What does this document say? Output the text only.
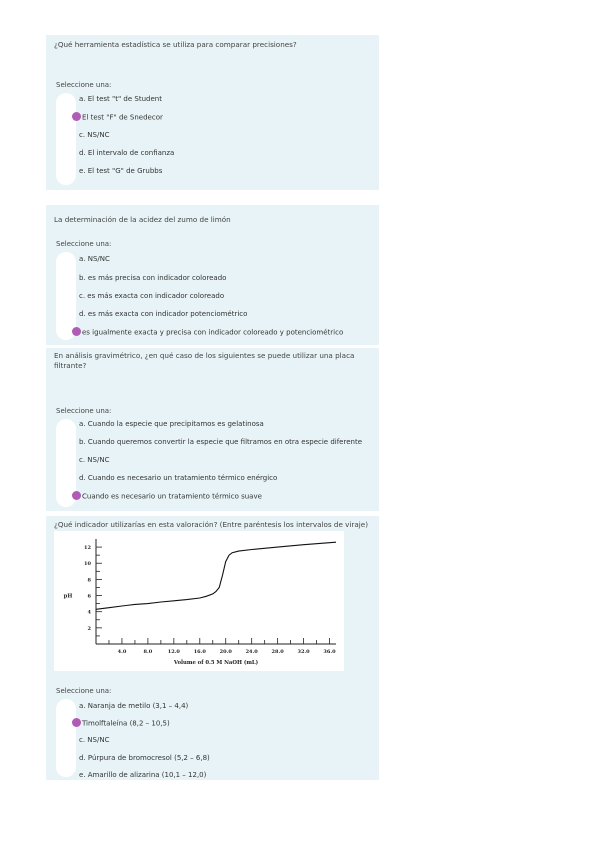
¿Qué herramienta estadística se utiliza para comparar precisiones?
Seleccione una:
a. El test "t" de Student
El test "F" de Snedecor
c. NS/NC
d. El intervalo de confianza
e. El test "G" de Grubbs
La determinación de la acidez del zumo de limón
Seleccione una:
a. NS/NC
b. es más precisa con indicador coloreado
c. es más exacta con indicador coloreado
d. es más exacta con indicador potenciométrico
es igualmente exacta y precisa con indicador coloreado y potenciométrico
En análisis gravimétrico, ¿en qué caso de los siguientes se puede utilizar una placa filtrante?
Seleccione una:
a. Cuando la especie que precipitamos es gelatinosa
b. Cuando queremos convertir la especie que filtramos en otra especie diferente
c. NS/NC
d. Cuando es necesario un tratamiento térmico enérgico
Cuando es necesario un tratamiento térmico suave
¿Qué indicador utilizarías en esta valoración? (Entre paréntesis los intervalos de viraje)
4.0	8.0	12.0	16.0	20.0	24.0	28.0	32.0	36.0
2
4
6
8
10
12
Volume of 0.5 M NaOH (mL)
pH
Seleccione una:
a. Naranja de metilo (3,1 – 4,4)
Timolftaleína (8,2 – 10,5)
c. NS/NC
d. Púrpura de bromocresol (5,2 – 6,8)
e. Amarillo de alizarina (10,1 – 12,0)
